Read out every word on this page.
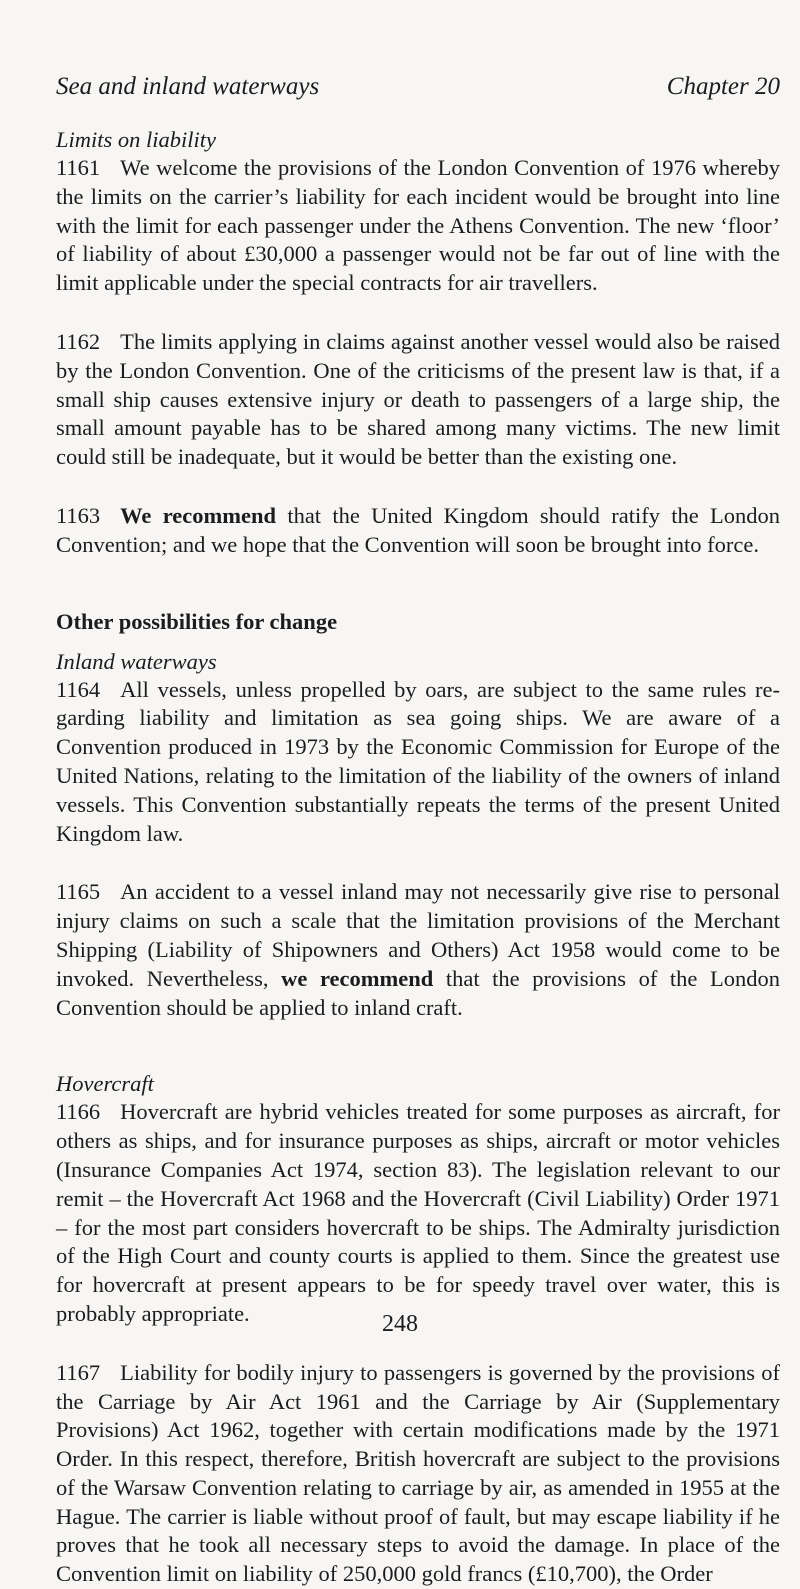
Sea and inland waterways	Chapter 20
Limits on liability

1161 We welcome the provisions of the London Convention of 1976 whereby the limits on the carrier’s liability for each incident would be brought into line with the limit for each passenger under the Athens Convention. The new ‘floor’ of liability of about £30,000 a passenger would not be far out of line with the limit applicable under the special contracts for air travellers.

1162 The limits applying in claims against another vessel would also be raised by the London Convention. One of the criticisms of the present law is that, if a small ship causes extensive injury or death to passengers of a large ship, the small amount payable has to be shared among many victims. The new limit could still be inadequate, but it would be better than the existing one.

1163 We recommend that the United Kingdom should ratify the London Convention; and we hope that the Convention will soon be brought into force.

Other possibilities for change
Inland waterways

1164 All vessels, unless propelled by oars, are subject to the same rules re-garding liability and limitation as sea going ships. We are aware of a Convention produced in 1973 by the Economic Commission for Europe of the United Nations, relating to the limitation of the liability of the owners of inland vessels. This Convention substantially repeats the terms of the present United Kingdom law.

1165 An accident to a vessel inland may not necessarily give rise to personal injury claims on such a scale that the limitation provisions of the Merchant Shipping (Liability of Shipowners and Others) Act 1958 would come to be invoked. Nevertheless, we recommend that the provisions of the London Convention should be applied to inland craft.

Hovercraft

1166 Hovercraft are hybrid vehicles treated for some purposes as aircraft, for others as ships, and for insurance purposes as ships, aircraft or motor vehicles (Insurance Companies Act 1974, section 83). The legislation relevant to our remit – the Hovercraft Act 1968 and the Hovercraft (Civil Liability) Order 1971 – for the most part considers hovercraft to be ships. The Admiralty jurisdiction of the High Court and county courts is applied to them. Since the greatest use for hovercraft at present appears to be for speedy travel over water, this is probably appropriate.

1167 Liability for bodily injury to passengers is governed by the provisions of the Carriage by Air Act 1961 and the Carriage by Air (Supplementary Provisions) Act 1962, together with certain modifications made by the 1971 Order. In this respect, therefore, British hovercraft are subject to the provisions of the Warsaw Convention relating to carriage by air, as amended in 1955 at the Hague. The carrier is liable without proof of fault, but may escape liability if he proves that he took all necessary steps to avoid the damage. In place of the Convention limit on liability of 250,000 gold francs (£10,700), the Order

248
